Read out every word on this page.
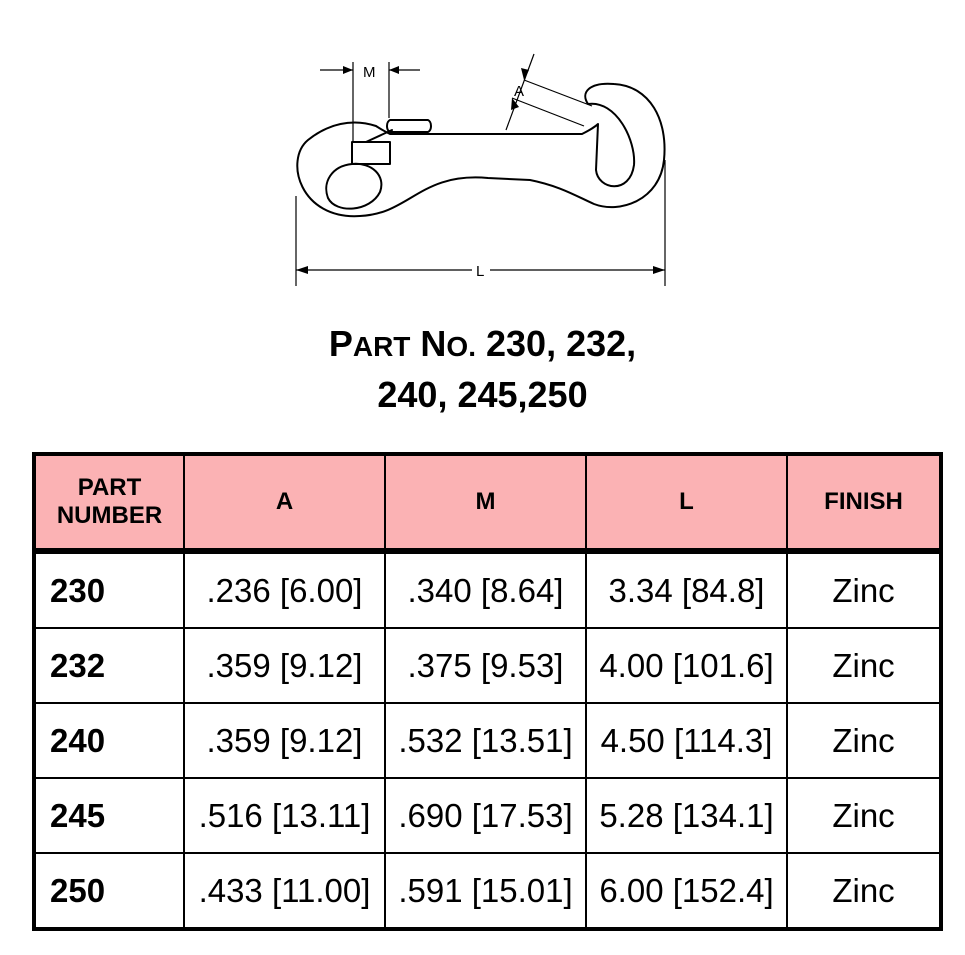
M
A
L
PART NO. 230, 232,
240, 245,250
PART
NUMBER	A	M	L	FINISH
230	.236 [6.00]	.340 [8.64]	3.34 [84.8]	Zinc
232	.359 [9.12]	.375 [9.53]	4.00 [101.6]	Zinc
240	.359 [9.12]	.532 [13.51]	4.50 [114.3]	Zinc
245	.516 [13.11]	.690 [17.53]	5.28 [134.1]	Zinc
250	.433 [11.00]	.591 [15.01]	6.00 [152.4]	Zinc
